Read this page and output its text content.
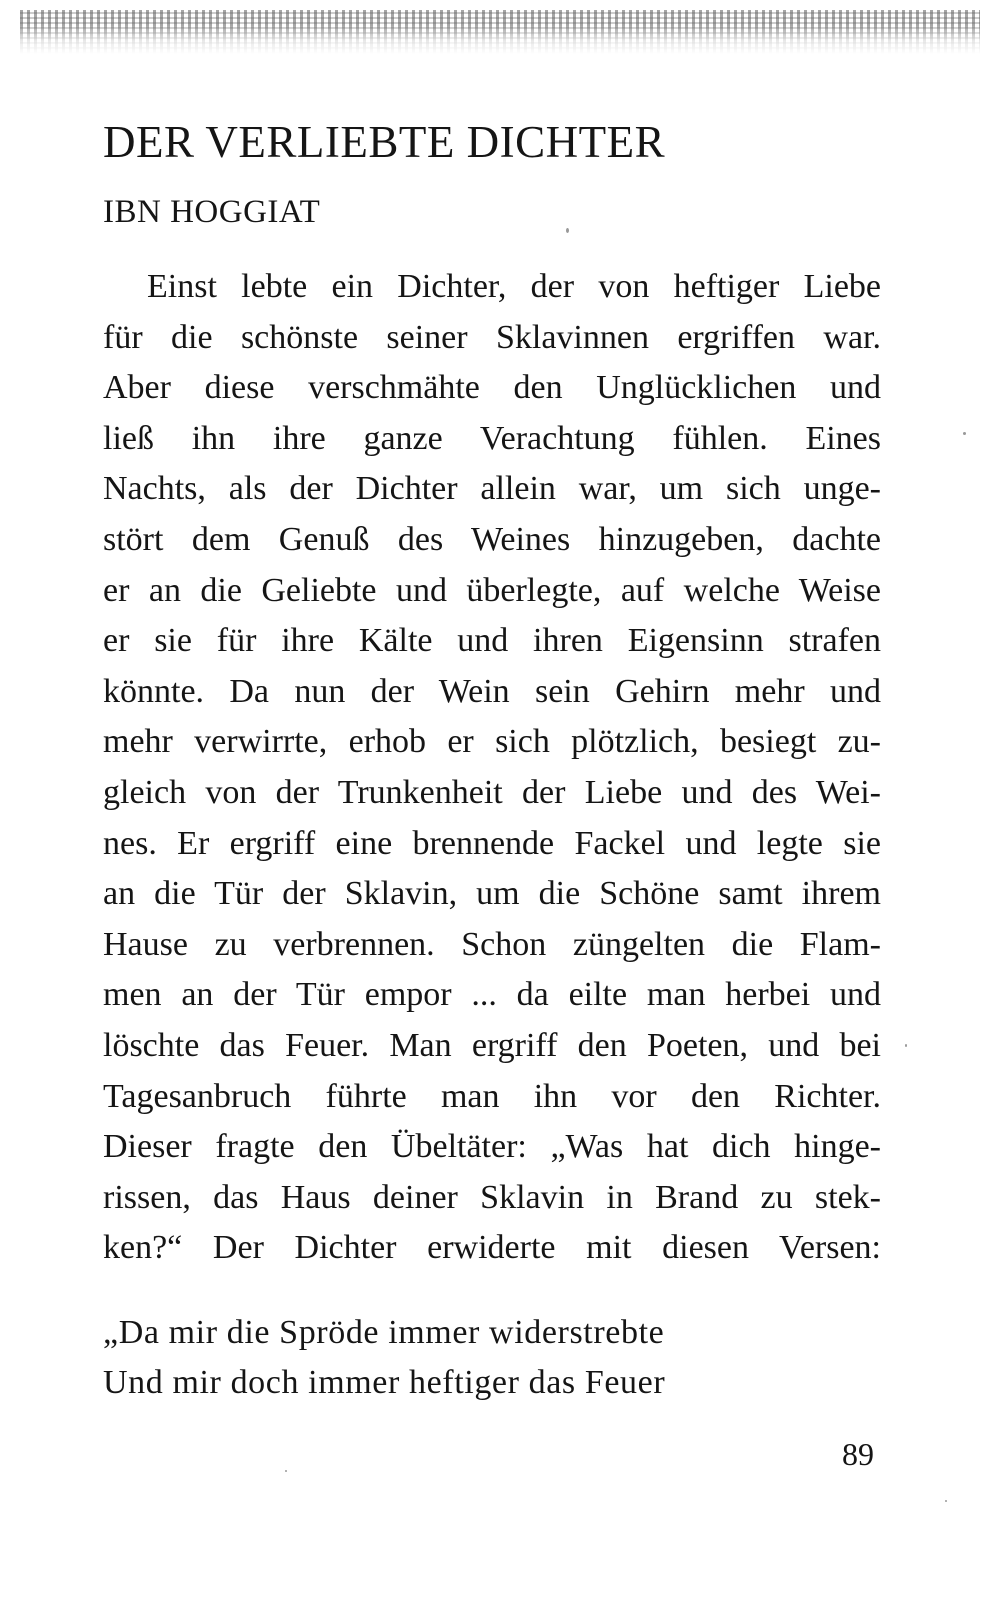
DER VERLIEBTE DICHTER
IBN HOGGIAT
Einst lebte ein Dichter, der von heftiger Liebe
für die schönste seiner Sklavinnen ergriffen war.
Aber diese verschmähte den Unglücklichen und
ließ ihn ihre ganze Verachtung fühlen. Eines
Nachts, als der Dichter allein war, um sich unge-
stört dem Genuß des Weines hinzugeben, dachte
er an die Geliebte und überlegte, auf welche Weise
er sie für ihre Kälte und ihren Eigensinn strafen
könnte. Da nun der Wein sein Gehirn mehr und
mehr verwirrte, erhob er sich plötzlich, besiegt zu-
gleich von der Trunkenheit der Liebe und des Wei-
nes. Er ergriff eine brennende Fackel und legte sie
an die Tür der Sklavin, um die Schöne samt ihrem
Hause zu verbrennen. Schon züngelten die Flam-
men an der Tür empor ... da eilte man herbei und
löschte das Feuer. Man ergriff den Poeten, und bei
Tagesanbruch führte man ihn vor den Richter.
Dieser fragte den Übeltäter: „Was hat dich hinge-
rissen, das Haus deiner Sklavin in Brand zu stek-
ken?“ Der Dichter erwiderte mit diesen Versen:
„Da mir die Spröde immer widerstrebte
Und mir doch immer heftiger das Feuer
89
